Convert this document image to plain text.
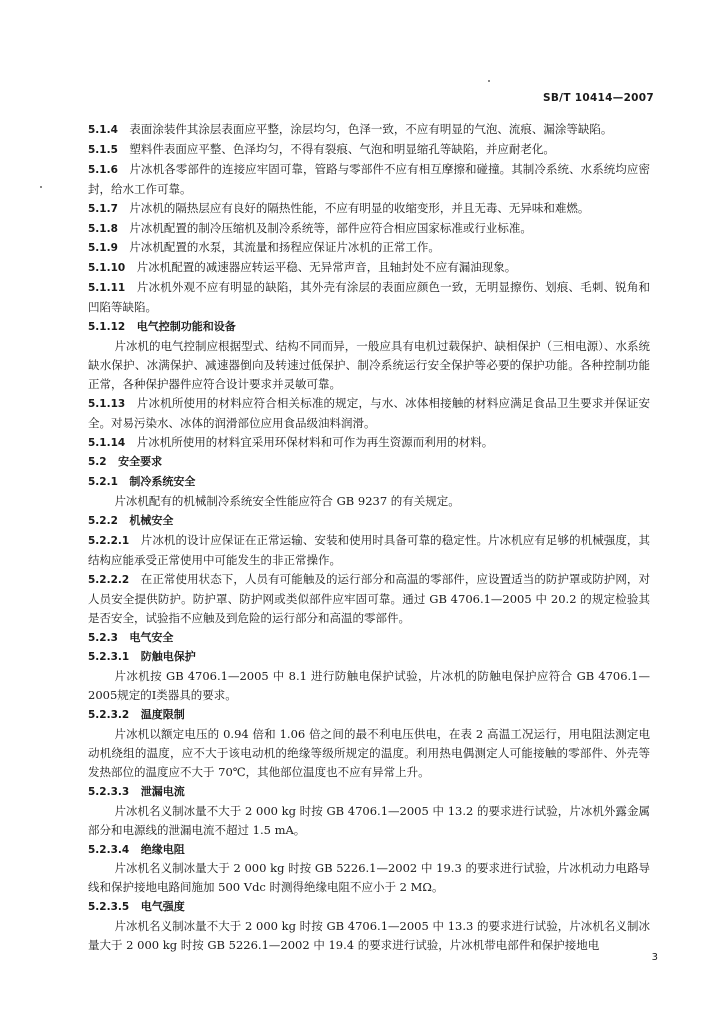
SB/T 10414—2007

5.1.4  表面涂装件其涂层表面应平整，涂层均匀，色泽一致，不应有明显的气泡、流痕、漏涂等缺陷。

5.1.5  塑料件表面应平整、色泽均匀，不得有裂痕、气泡和明显缩孔等缺陷，并应耐老化。

5.1.6  片冰机各零部件的连接应牢固可靠，管路与零部件不应有相互摩擦和碰撞。其制冷系统、水系统均应密封，给水工作可靠。

5.1.7  片冰机的隔热层应有良好的隔热性能，不应有明显的收缩变形，并且无毒、无异味和难燃。

5.1.8  片冰机配置的制冷压缩机及制冷系统等，部件应符合相应国家标准或行业标准。

5.1.9  片冰机配置的水泵，其流量和扬程应保证片冰机的正常工作。

5.1.10  片冰机配置的减速器应转运平稳、无异常声音，且轴封处不应有漏油现象。

5.1.11  片冰机外观不应有明显的缺陷，其外壳有涂层的表面应颜色一致，无明显擦伤、划痕、毛刺、锐角和凹陷等缺陷。

5.1.12  电气控制功能和设备

片冰机的电气控制应根据型式、结构不同而异，一般应具有电机过载保护、缺相保护（三相电源）、水系统缺水保护、冰满保护、减速器倒向及转速过低保护、制冷系统运行安全保护等必要的保护功能。各种控制功能正常，各种保护器件应符合设计要求并灵敏可靠。

5.1.13  片冰机所使用的材料应符合相关标准的规定，与水、冰体相接触的材料应满足食品卫生要求并保证安全。对易污染水、冰体的润滑部位应用食品级油料润滑。

5.1.14  片冰机所使用的材料宜采用环保材料和可作为再生资源而利用的材料。

5.2  安全要求

5.2.1  制冷系统安全

片冰机配有的机械制冷系统安全性能应符合 GB 9237 的有关规定。

5.2.2  机械安全

5.2.2.1  片冰机的设计应保证在正常运输、安装和使用时具备可靠的稳定性。片冰机应有足够的机械强度，其结构应能承受正常使用中可能发生的非正常操作。

5.2.2.2  在正常使用状态下，人员有可能触及的运行部分和高温的零部件，应设置适当的防护罩或防护网，对人员安全提供防护。防护罩、防护网或类似部件应牢固可靠。通过 GB 4706.1—2005 中 20.2 的规定检验其是否安全，试验指不应触及到危险的运行部分和高温的零部件。

5.2.3  电气安全

5.2.3.1  防触电保护

片冰机按 GB 4706.1—2005 中 8.1 进行防触电保护试验，片冰机的防触电保护应符合 GB 4706.1—2005规定的Ⅰ类器具的要求。

5.2.3.2  温度限制

片冰机以额定电压的 0.94 倍和 1.06 倍之间的最不利电压供电，在表 2 高温工况运行，用电阻法测定电动机绕组的温度，应不大于该电动机的绝缘等级所规定的温度。利用热电偶测定人可能接触的零部件、外壳等发热部位的温度应不大于 70℃，其他部位温度也不应有异常上升。

5.2.3.3  泄漏电流

片冰机名义制冰量不大于 2 000 kg 时按 GB 4706.1—2005 中 13.2 的要求进行试验，片冰机外露金属部分和电源线的泄漏电流不超过 1.5 mA。

5.2.3.4  绝缘电阻

片冰机名义制冰量大于 2 000 kg 时按 GB 5226.1—2002 中 19.3 的要求进行试验，片冰机动力电路导线和保护接地电路间施加 500 Vdc 时测得绝缘电阻不应小于 2 MΩ。

5.2.3.5  电气强度

片冰机名义制冰量不大于 2 000 kg 时按 GB 4706.1—2005 中 13.3 的要求进行试验，片冰机名义制冰量大于 2 000 kg 时按 GB 5226.1—2002 中 19.4 的要求进行试验，片冰机带电部件和保护接地电

3
